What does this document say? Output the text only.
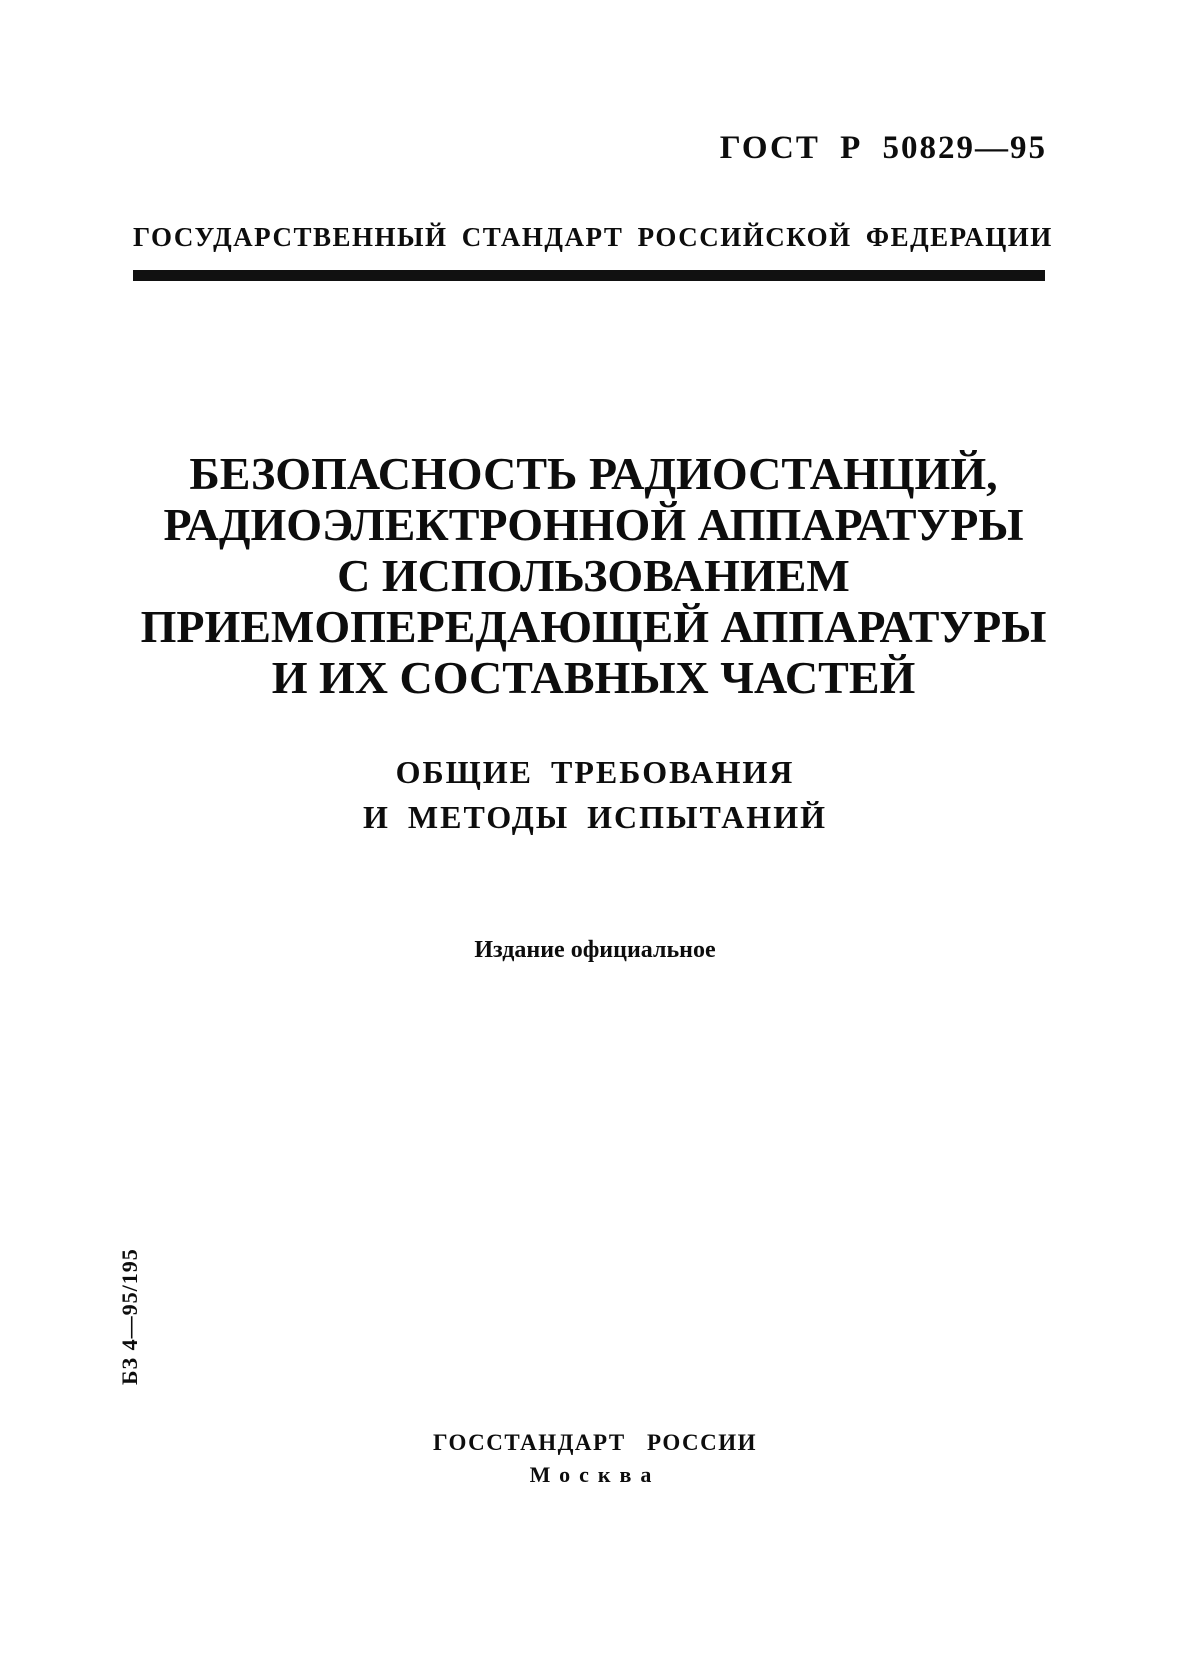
ГОСТ Р 50829—95
ГОСУДАРСТВЕННЫЙ СТАНДАРТ РОССИЙСКОЙ ФЕДЕРАЦИИ
БЕЗОПАСНОСТЬ РАДИОСТАНЦИЙ,
РАДИОЭЛЕКТРОННОЙ АППАРАТУРЫ
С ИСПОЛЬЗОВАНИЕМ
ПРИЕМОПЕРЕДАЮЩЕЙ АППАРАТУРЫ
И ИХ СОСТАВНЫХ ЧАСТЕЙ
ОБЩИЕ ТРЕБОВАНИЯ
И МЕТОДЫ ИСПЫТАНИЙ
Издание официальное
БЗ 4—95/195
ГОССТАНДАРТ РОССИИ
Москва
